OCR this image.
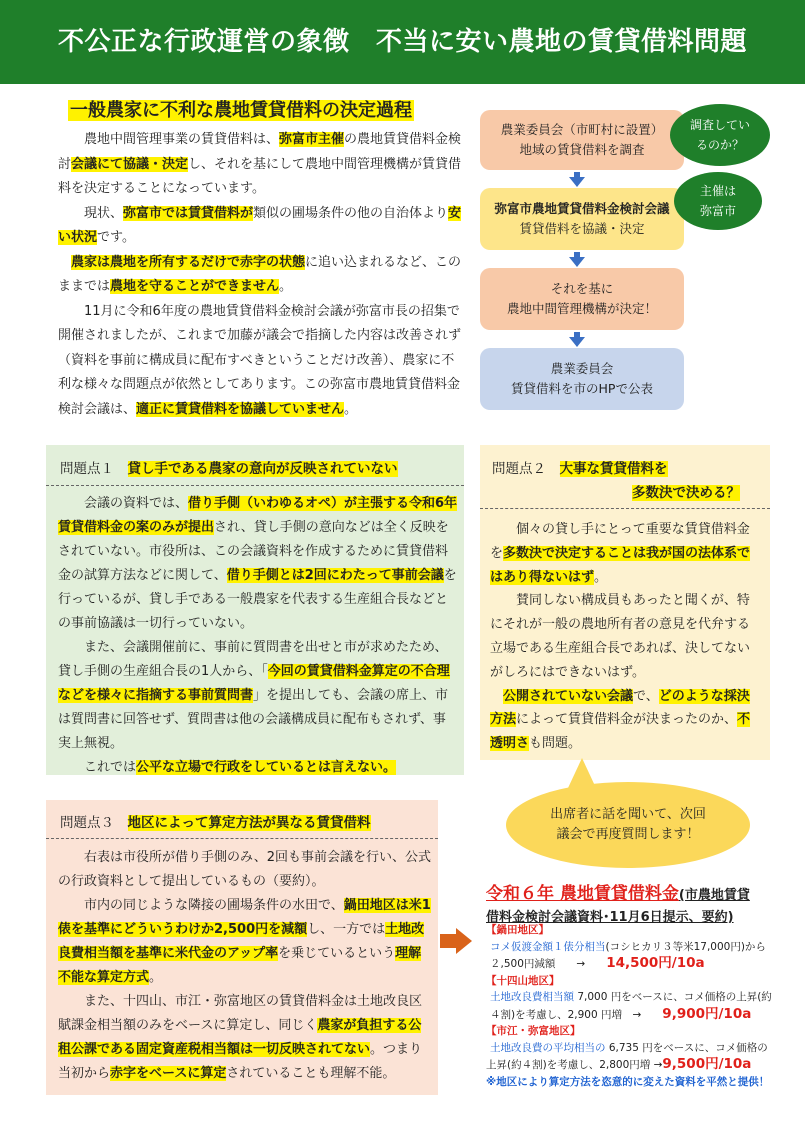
不公正な行政運営の象徴　不当に安い農地の賃貸借料問題
一般農家に不利な農地賃貸借料の決定過程

　農地中間管理事業の賃貸借料は、弥富市主催の農地賃貸借料金検討会議にて協議・決定し、それを基にして農地中間管理機構が賃貸借料を決定することになっています。

　現状、弥富市では賃貸借料が類似の圃場条件の他の自治体より安い状況です。

農家は農地を所有するだけで赤字の状態に追い込まれるなど、このままでは農地を守ることができません。

　11月に令和6年度の農地賃貸借料金検討会議が弥富市長の招集で開催されましたが、これまで加藤が議会で指摘した内容は改善されず（資料を事前に構成員に配布すべきということだけ改善）、農家に不利な様々な問題点が依然としてあります。この弥富市農地賃貸借料金検討会議は、適正に賃貸借料を協議していません。

農業委員会（市町村に設置）
地域の賃貸借料を調査
弥富市農地賃貸借料金検討会議
賃貸借料を協議・決定
それを基に
農地中間管理機構が決定！
農業委員会
賃貸借料を市のHPで公表
調査してい
るのか？
主催は
弥富市
問題点１　 貸し手である農家の意向が反映されていない

　会議の資料では、借り手側（いわゆるオペ）が主張する令和6年賃貸借料金の案のみが提出され、貸し手側の意向などは全く反映をされていない。市役所は、この会議資料を作成するために賃貸借料金の試算方法などに関して、借り手側とは2回にわたって事前会議を行っているが、貸し手である一般農家を代表する生産組合長などとの事前協議は一切行っていない。

　また、会議開催前に、事前に質問書を出せと市が求めたため、貸し手側の生産組合長の1人から、「今回の賃貸借料金算定の不合理などを様々に指摘する事前質問書」を提出しても、会議の席上、市は質問書に回答せず、質問書は他の会議構成員に配布もされず、事実上無視。

　これでは公平な立場で行政をしているとは言えない。

問題点２　 大事な賃貸借料を
多数決で決める？

　個々の貸し手にとって重要な賃貸借料金を多数決で決定することは我が国の法体系ではあり得ないはず。

　賛同しない構成員もあったと聞くが、特にそれが一般の農地所有者の意見を代弁する立場である生産組合長であれば、決してないがしろにはできないはず。

公開されていない会議で、どのような採決方法によって賃貸借料金が決まったのか、不透明さも問題。

出席者に話を聞いて、次回
議会で再度質問します！
問題点３　 地区によって算定方法が異なる賃貸借料

　右表は市役所が借り手側のみ、2回も事前会議を行い、公式の行政資料として提出しているもの（要約）。

　市内の同じような隣接の圃場条件の水田で、鍋田地区は米1俵を基準にどういうわけか2,500円を減額し、一方では土地改良費相当額を基準に米代金のアップ率を乗じているという理解不能な算定方式。

　また、十四山、市江・弥富地区の賃貸借料金は土地改良区賦課金相当額のみをベースに算定し、同じく農家が負担する公租公課である固定資産税相当額は一切反映されてない。つまり当初から赤字をベースに算定されていることも理解不能。

令和６年 農地賃貸借料金(市農地賃貸
借料金検討会議資料･11月6日提示、要約)
【鍋田地区】
コメ仮渡金額１俵分相当(コシヒカリ３等米17,000円)から
２,500円減額　　→　　 14,500円/10a
【十四山地区】
土地改良費相当額 7,000 円をベースに、コメ価格の上昇(約
４割)を考慮し、2,900 円増　→　　 9,900円/10a
【市江・弥富地区】
土地改良費の平均相当の 6,735 円をベースに、コメ価格の
上昇(約４割)を考慮し、2,800円増 →9,500円/10a
※地区により算定方法を恣意的に変えた資料を平然と提供！
